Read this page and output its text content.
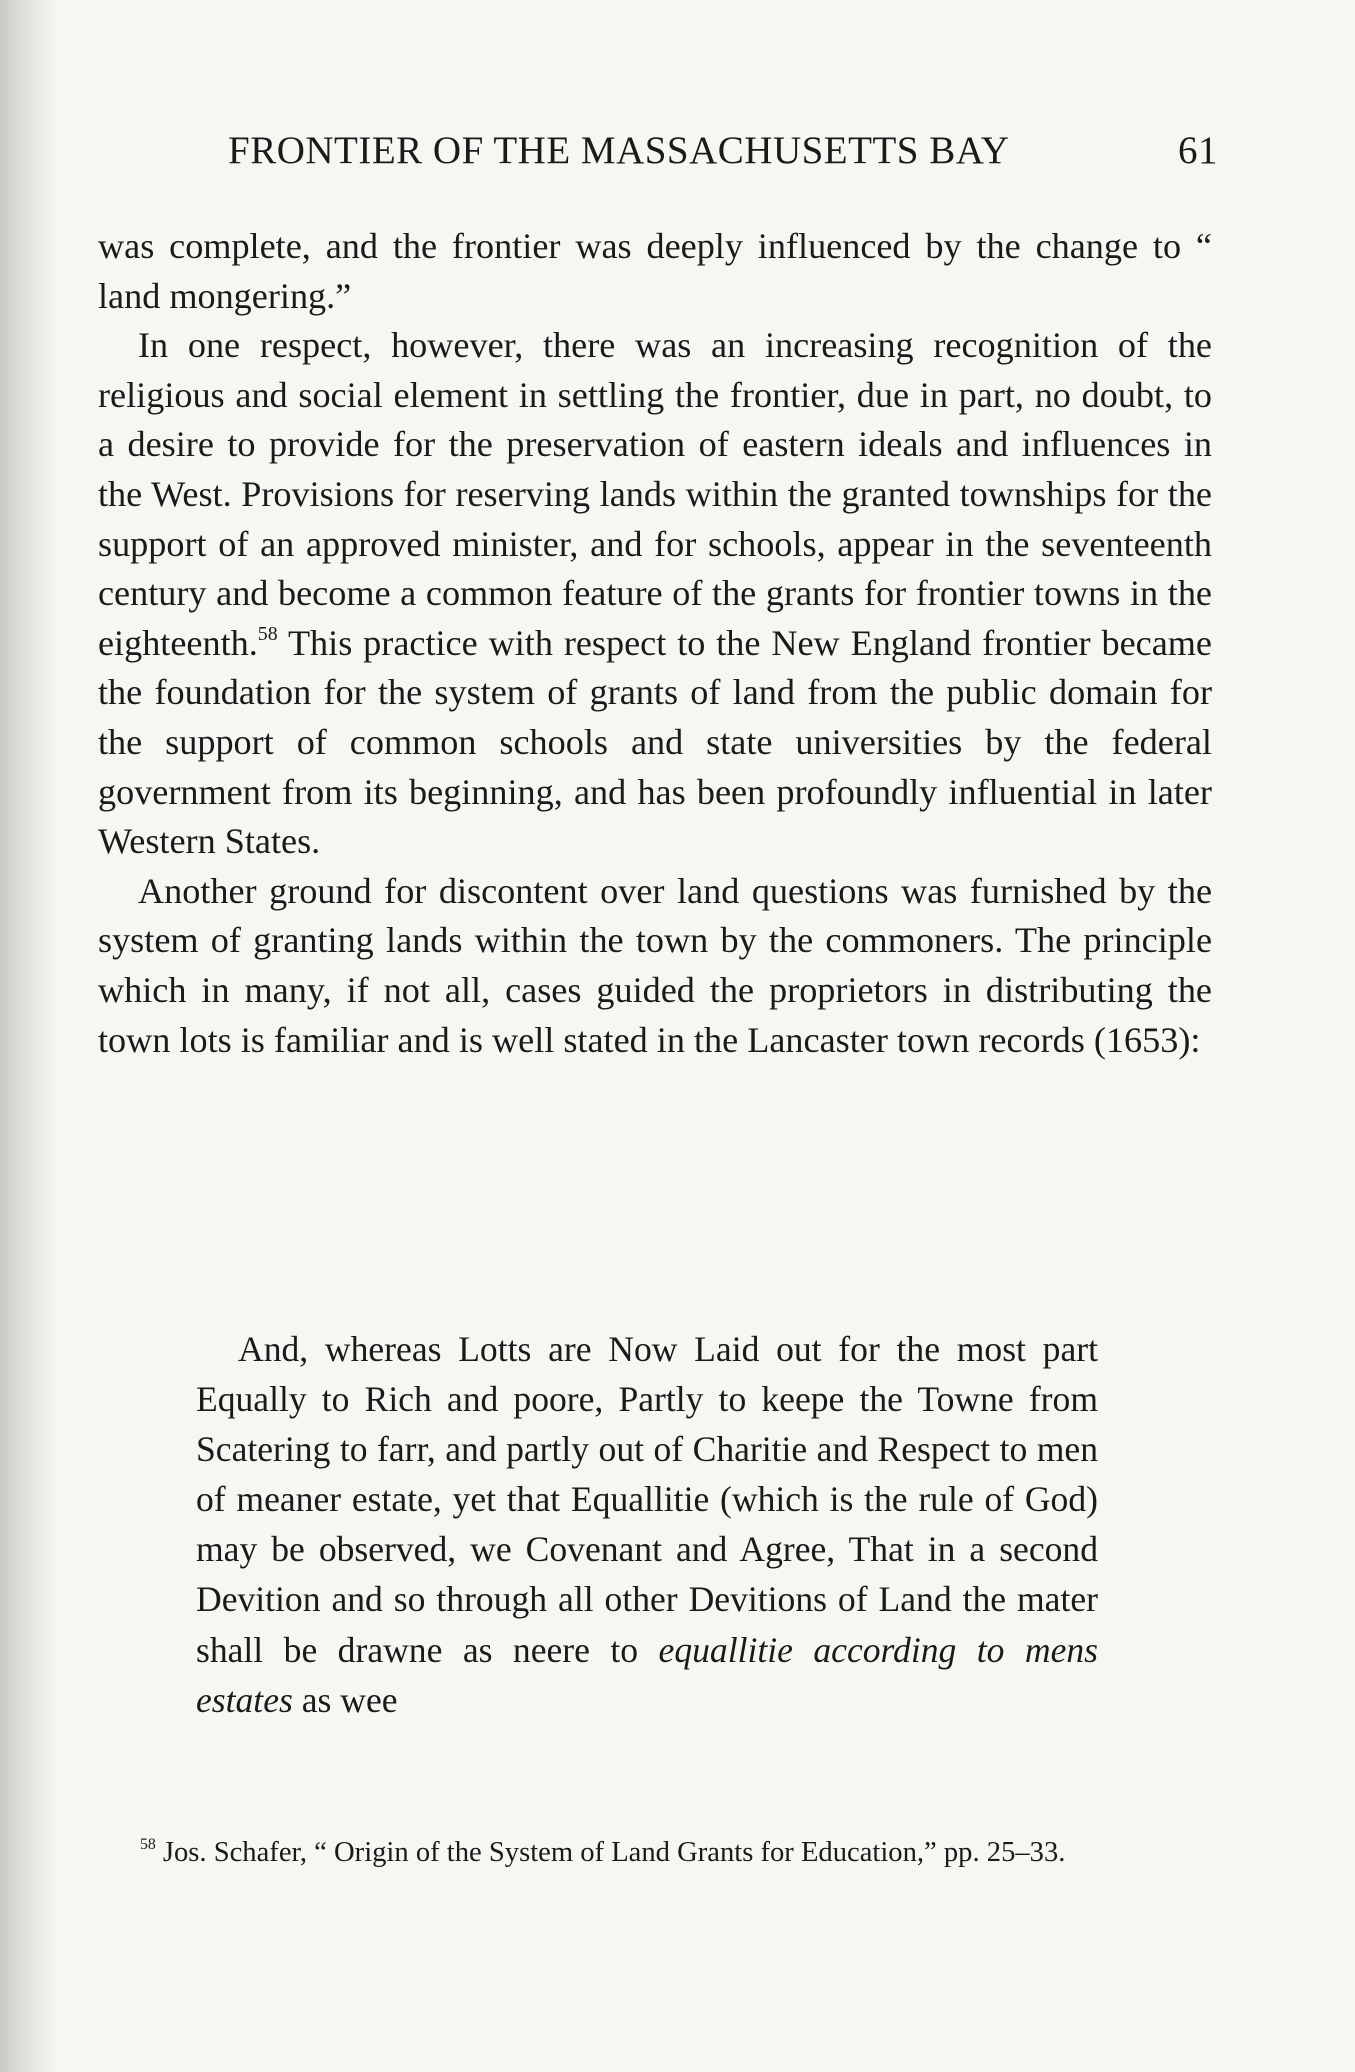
FRONTIER OF THE MASSACHUSETTS BAY	61

was complete, and the frontier was deeply influenced by the change to “ land mongering.”

In one respect, however, there was an increasing recognition of the religious and social element in settling the frontier, due in part, no doubt, to a desire to provide for the preservation of eastern ideals and influences in the West. Provisions for reserving lands within the granted townships for the support of an approved minister, and for schools, appear in the seventeenth century and become a common feature of the grants for frontier towns in the eighteenth.$^{58}$ This practice with respect to the New England frontier became the foundation for the system of grants of land from the public domain for the support of common schools and state universities by the federal government from its beginning, and has been profoundly influential in later Western States.

Another ground for discontent over land questions was furnished by the system of granting lands within the town by the commoners. The principle which in many, if not all, cases guided the proprietors in distributing the town lots is familiar and is well stated in the Lancaster town records (1653):

And, whereas Lotts are Now Laid out for the most part Equally to Rich and poore, Partly to keepe the Towne from Scatering to farr, and partly out of Charitie and Respect to men of meaner estate, yet that Equallitie (which is the rule of God) may be observed, we Covenant and Agree, That in a second Devition and so through all other Devitions of Land the mater shall be drawne as neere to equallitie according to mens estates as wee

$^{58}$ Jos. Schafer, “ Origin of the System of Land Grants for Education,” pp. 25–33.
